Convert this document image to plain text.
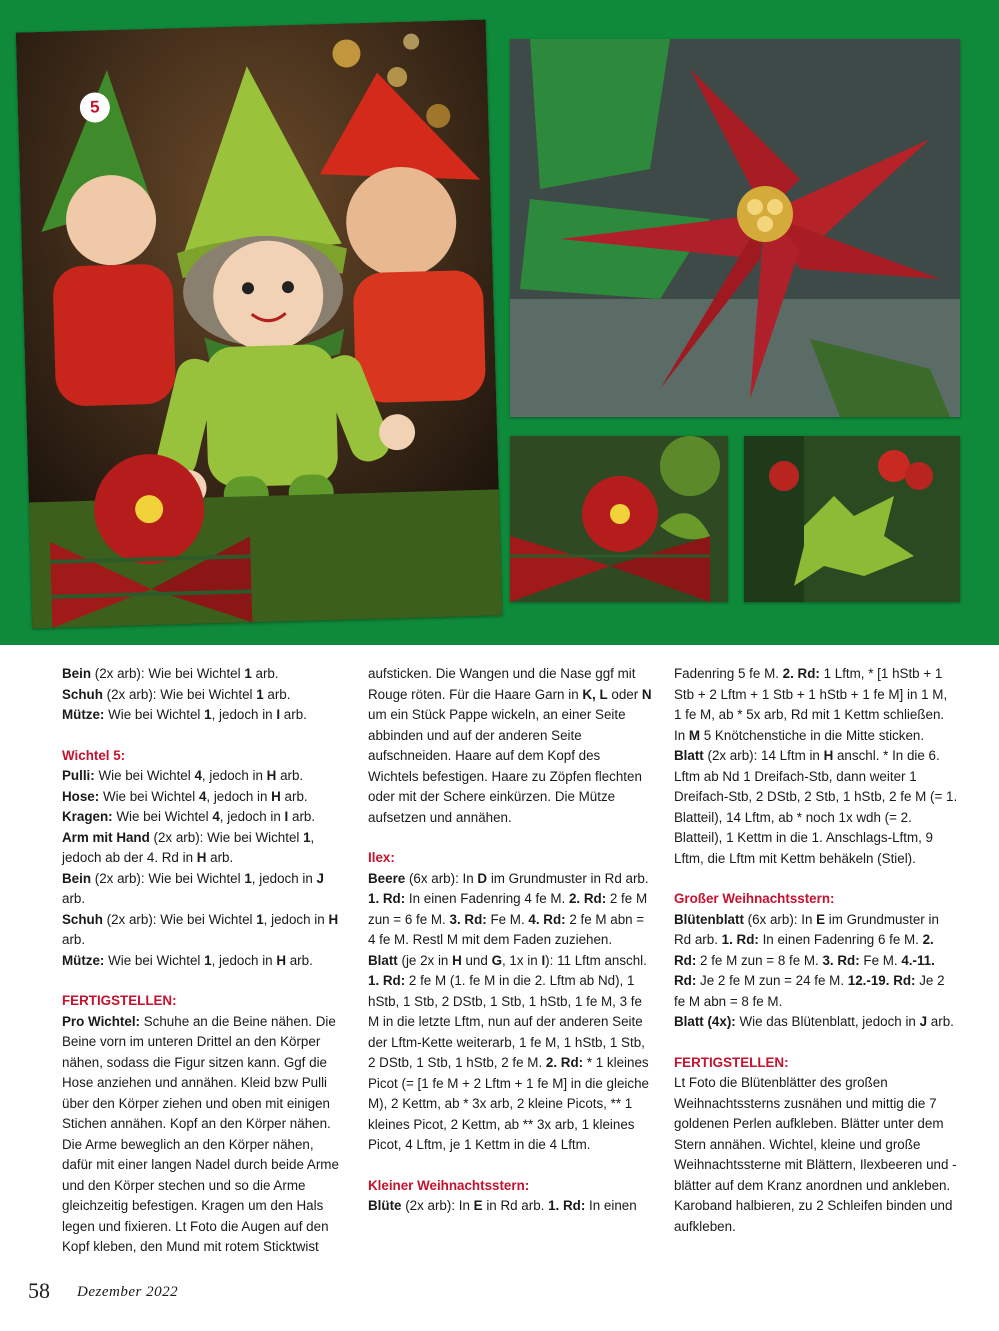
5

Bein (2x arb): Wie bei Wichtel 1 arb.

Schuh (2x arb): Wie bei Wichtel 1 arb.

Mütze: Wie bei Wichtel 1, jedoch in I arb.

Wichtel 5:

Pulli: Wie bei Wichtel 4, jedoch in H arb.

Hose: Wie bei Wichtel 4, jedoch in H arb.

Kragen: Wie bei Wichtel 4, jedoch in I arb.

Arm mit Hand (2x arb): Wie bei Wichtel 1, jedoch ab der 4. Rd in H arb.

Bein (2x arb): Wie bei Wichtel 1, jedoch in J arb.

Schuh (2x arb): Wie bei Wichtel 1, jedoch in H arb.

Mütze: Wie bei Wichtel 1, jedoch in H arb.

FERTIGSTELLEN:

Pro Wichtel: Schuhe an die Beine nähen. Die Beine vorn im unteren Drittel an den Körper nähen, sodass die Figur sitzen kann. Ggf die Hose anziehen und annähen. Kleid bzw Pulli über den Körper ziehen und oben mit einigen Stichen annähen. Kopf an den Körper nähen. Die Arme beweglich an den Körper nähen, dafür mit einer langen Nadel durch beide Arme und den Körper stechen und so die Arme gleichzeitig befestigen. Kragen um den Hals legen und fixieren. Lt Foto die Augen auf den Kopf kleben, den Mund mit rotem Sticktwist

aufsticken. Die Wangen und die Nase ggf mit Rouge röten. Für die Haare Garn in K, L oder N um ein Stück Pappe wickeln, an einer Seite abbinden und auf der anderen Seite aufschneiden. Haare auf dem Kopf des Wichtels befestigen. Haare zu Zöpfen flechten oder mit der Schere einkürzen. Die Mütze aufsetzen und annähen.

Ilex:

Beere (6x arb): In D im Grundmuster in Rd arb. 1. Rd: In einen Fadenring 4 fe M. 2. Rd: 2 fe M zun = 6 fe M. 3. Rd: Fe M. 4. Rd: 2 fe M abn = 4 fe M. Restl M mit dem Faden zuziehen.

Blatt (je 2x in H und G, 1x in I): 11 Lftm anschl. 1. Rd: 2 fe M (1. fe M in die 2. Lftm ab Nd), 1 hStb, 1 Stb, 2 DStb, 1 Stb, 1 hStb, 1 fe M, 3 fe M in die letzte Lftm, nun auf der anderen Seite der Lftm-Kette weiterarb, 1 fe M, 1 hStb, 1 Stb, 2 DStb, 1 Stb, 1 hStb, 2 fe M. 2. Rd: * 1 kleines Picot (= [1 fe M + 2 Lftm + 1 fe M] in die gleiche M), 2 Kettm, ab * 3x arb, 2 kleine Picots, ** 1 kleines Picot, 2 Kettm, ab ** 3x arb, 1 kleines Picot, 4 Lftm, je 1 Kettm in die 4 Lftm.

Kleiner Weihnachtsstern:

Blüte (2x arb): In E in Rd arb. 1. Rd: In einen

Fadenring 5 fe M. 2. Rd: 1 Lftm, * [1 hStb + 1 Stb + 2 Lftm + 1 Stb + 1 hStb + 1 fe M] in 1 M, 1 fe M, ab * 5x arb, Rd mit 1 Kettm schließen. In M 5 Knötchenstiche in die Mitte sticken.

Blatt (2x arb): 14 Lftm in H anschl. * In die 6. Lftm ab Nd 1 Dreifach-Stb, dann weiter 1 Dreifach-Stb, 2 DStb, 2 Stb, 1 hStb, 2 fe M (= 1. Blatteil), 14 Lftm, ab * noch 1x wdh (= 2. Blatteil), 1 Kettm in die 1. Anschlags-Lftm, 9 Lftm, die Lftm mit Kettm behäkeln (Stiel).

Großer Weihnachtsstern:

Blütenblatt (6x arb): In E im Grundmuster in Rd arb. 1. Rd: In einen Fadenring 6 fe M. 2. Rd: 2 fe M zun = 8 fe M. 3. Rd: Fe M. 4.-11. Rd: Je 2 fe M zun = 24 fe M. 12.-19. Rd: Je 2 fe M abn = 8 fe M.

Blatt (4x): Wie das Blütenblatt, jedoch in J arb.

FERTIGSTELLEN:

Lt Foto die Blütenblätter des großen Weihnachtssterns zusnähen und mittig die 7 goldenen Perlen aufkleben. Blätter unter dem Stern annähen. Wichtel, kleine und große Weihnachtssterne mit Blättern, Ilexbeeren und -blätter auf dem Kranz anordnen und ankleben. Karoband halbieren, zu 2 Schleifen binden und aufkleben.

58 Dezember 2022
